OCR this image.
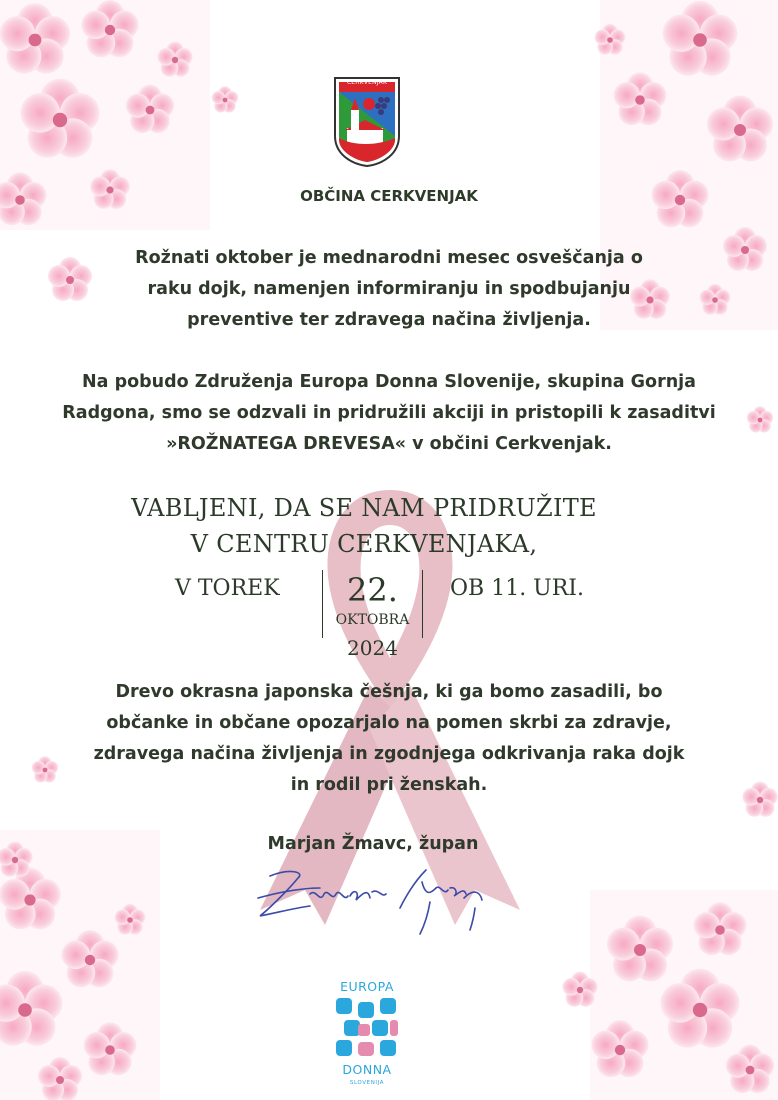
CERKVENJAK
OBČINA CERKVENJAK
Rožnati oktober je mednarodni mesec osveščanja o
raku dojk, namenjen informiranju in spodbujanju
preventive ter zdravega načina življenja.
Na pobudo Združenja Europa Donna Slovenije, skupina Gornja
Radgona, smo se odzvali in pridružili akciji in pristopili k zasaditvi
»ROŽNATEGA DREVESA« v občini Cerkvenjak.
VABLJENI, DA SE NAM PRIDRUŽITE
V CENTRU CERKVENJAKA,
V TOREK	22.
OKTOBRA
2024
OB 11. URI.
Drevo okrasna japonska češnja, ki ga bomo zasadili, bo
občanke in občane opozarjalo na pomen skrbi za zdravje,
zdravega načina življenja in zgodnjega odkrivanja raka dojk
in rodil pri ženskah.
Marjan Žmavc, župan
EUROPA
DONNA
SLOVENIJA
